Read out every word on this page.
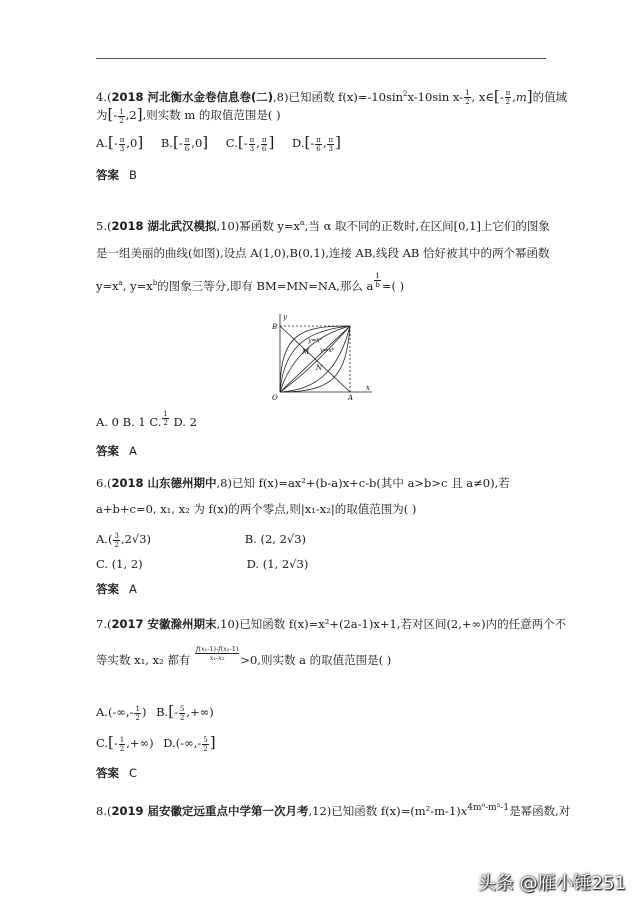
4.(2018 河北衡水金卷信息卷(二),8)已知函数 $f(x)=-10\sin^2x-10\sin$ $x- \frac{1}{2}$ , x∈[- $\frac{\pi}{2} ,m$]的值域
为[- $\frac{1}{2} ,2$],则实数 m 的取值范围是( )
$A.[- \frac{\pi}{3} ,0]$ $B.[- \frac{\pi}{6} ,0]$ $C.[- \frac{\pi}{3}$ , $\frac{\pi}{6}$ ] $D.[- \frac{\pi}{6}$ , $\frac{\pi}{3}$ ]
答案 B
5.(2018 湖北武汉模拟,10)幂函数 $y=x^\alpha$,当 α 取不同的正数时,在区间[0,1]上它们的图象
是一组美丽的曲线(如图),设点 A(1,0),B(0,1),连接 AB,线段 AB 恰好被其中的两个幂函数
$y=x^a$, $y=x^b$的图象三等分,即有 BM=MN=NA,那么 a $\frac{1}{b}$ =( )
B
O	A
M
N
y
x
y=xᵃ
y=xᵇ
A. 0 B. 1 C. $\frac{1}{2} D$. 2
答案 A
6.(2018 山东德州期中,8)已知 f(x)=ax²+(b-a)x+c-b(其中 a>b>c 且 a≠0),若
a+b+c=0, x₁, x₂ 为 f(x)的两个零点,则|x₁-x₂|的取值范围为( )
$A.( \frac{3}{2} ,2√3)$	B. (2, 2√3)
C. (1, 2)	D. (1, 2√3)
答案 A
7.(2017 安徽滁州期末,10)已知函数 f(x)=x²+(2a-1)x+1,若对区间(2,+∞)内的任意两个不
等实数 x₁, x₂ 都有 $\frac{\text{f(x₁-1)-f(x₂-1)}}{\text{x₁-x₂}} >0$,则实数 a 的取值范围是( )
$A.(-\infty,- \frac{1}{2}$ ) $B.[- \frac{5}{2}$ ,+∞)
$C.[- \frac{1}{2}$ ,+∞) $D.(-\infty,- \frac{5}{2}$ ]
答案 C
8.(2019 届安徽定远重点中学第一次月考,12)已知函数 $f(x)=(m^2-m-1)x^{4m^9-m^5-1}$是幂函数,对
头条 @雁小锤251
